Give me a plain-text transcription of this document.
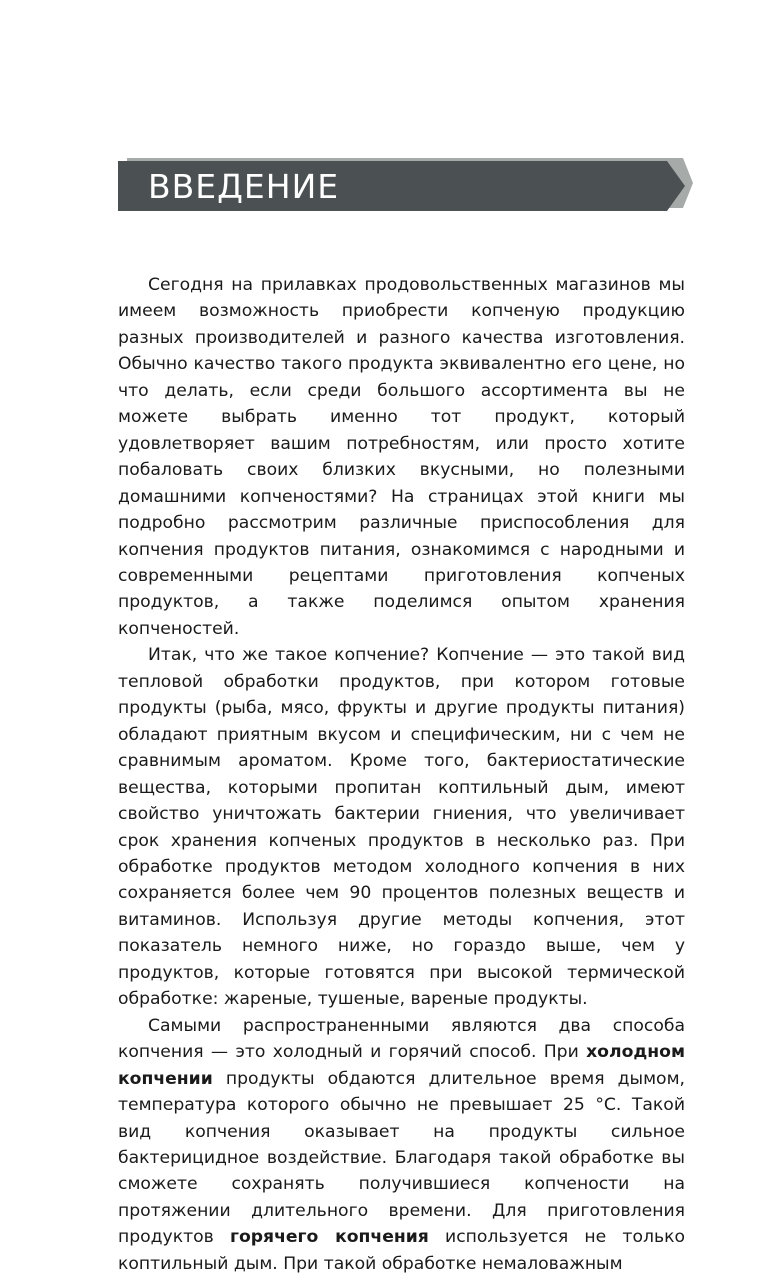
ВВЕДЕНИЕ

Сегодня на прилавках продовольственных магазинов мы имеем возможность приобрести копченую продукцию разных производителей и разного качества изготовления. Обычно качество такого продукта эквивалентно его цене, но что делать, если среди большого ассортимента вы не можете выбрать именно тот продукт, который удовлетворяет вашим потребностям, или просто хотите побаловать своих близких вкусными, но полезными домашними копченостями? На страницах этой книги мы подробно рассмотрим различные приспособления для копчения продуктов питания, ознакомимся с народными и современными рецептами приготовления копченых продуктов, а также поделимся опытом хранения копченостей.

Итак, что же такое копчение? Копчение — это такой вид тепловой обработки продуктов, при котором готовые продукты (рыба, мясо, фрукты и другие продукты питания) обладают приятным вкусом и специфическим, ни с чем не сравнимым ароматом. Кроме того, бактериостатические вещества, которыми пропитан коптильный дым, имеют свойство уничтожать бактерии гниения, что увеличивает срок хранения копченых продуктов в несколько раз. При обработке продуктов методом холодного копчения в них сохраняется более чем 90 процентов полезных веществ и витаминов. Используя другие методы копчения, этот показатель немного ниже, но гораздо выше, чем у продуктов, которые готовятся при высокой термической обработке: жареные, тушеные, вареные продукты.

Самыми распространенными являются два способа копчения — это холодный и горячий способ. При холодном копчении продукты обдаются длительное время дымом, температура которого обычно не превышает 25 °С. Такой вид копчения оказывает на продукты сильное бактерицидное воздействие. Благодаря такой обработке вы сможете сохранять получившиеся копчености на протяжении длительного времени. Для приготовления продуктов горячего копчения используется не только коптильный дым. При такой обработке немаловажным
